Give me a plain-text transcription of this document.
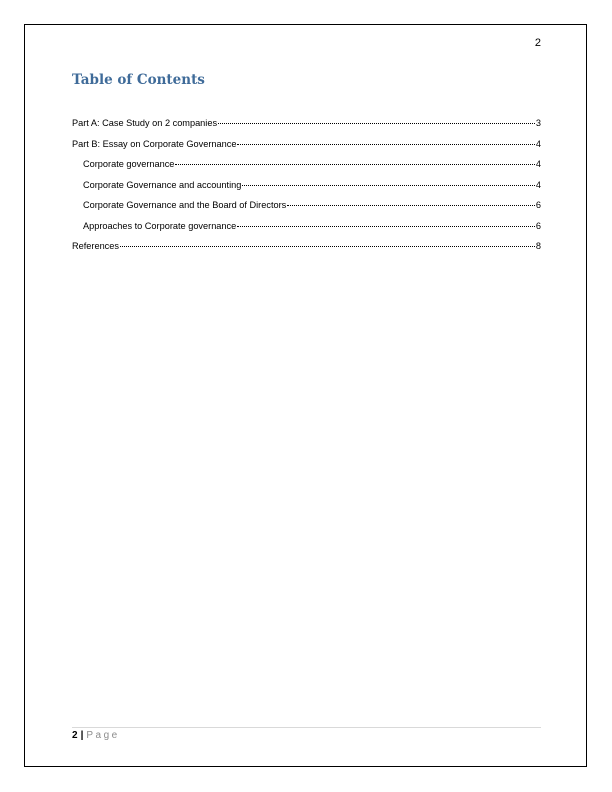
2
Table of Contents
Part A: Case Study on 2 companies	3
Part B: Essay on Corporate Governance	4
Corporate governance	4
Corporate Governance and accounting	4
Corporate Governance and the Board of Directors	6
Approaches to Corporate governance	6
References	8
2 | Page
